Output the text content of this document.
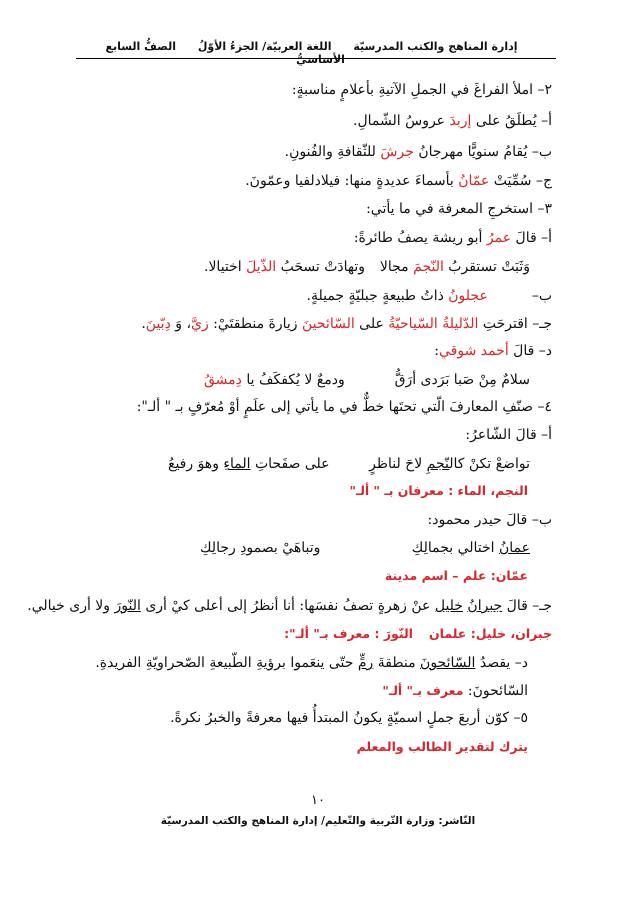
إدارة المناهج والكتب المدرسيّة اللغة العربيّة/ الجزءُ الأوّلُ الصفُّ السابع الأساسيُّ
٢– املأ الفراغَ في الجملِ الآتيةِ بأعلامٍ مناسبةٍ:
أ– يُطلَقُ على إربدَ عروسُ الشّمالِ.
ب– يُقامُ سنويًّا مهرجانُ جرشَ للثّقافةِ والفُنونِ.
ج– سُمِّيَتْ عمّانُ بأسماءَ عديدةٍ منها: فيلادلفيا وعمّونَ.
٣– استخرجِ المعرفة في ما يأتي:
أ– قالَ عمرُ أبو ريشة يصفُ طائرةً:
وَثَبَتْ تستقربُ النّجمَ مجالا
وتهادَتْ تسحَبُ الذّيلَ اختيالا.
ب–عجلونُ ذاتُ طبيعةٍ جبليّةٍ جميلةٍ.
جـ– اقترحَتِ الدّليلةُ السّياحيّةُ على السّائحينَ زيارةَ منطقتَيْ: زيَّ، وَ دِبّينَ.
د– قالَ أحمد شوقي:
سلامٌ مِنْ صَبا بَرَدى أرَقُّ
ودمعٌ لا يُكفكَفُ يا دِمشقُ
٤– صنّفِ المعارفَ الّتي تحتَها خطٌّ في ما يأتي إلى علَمٍ أوْ مُعرّفٍ بـ " ألـ":
أ– قالَ الشّاعرُ:
تواضعْ تكنْ كالنّجمِ لاحَ لناظرٍ
على صفَحاتِ الماءِ وهوَ رفيعُ
النجم، الماء : معرفان بـ " ألـ"
ب– قالَ حيدر محمود:
عمانُ اختالي بجمالِكِ
وتباهَيْ بصمودِ رجالِكِ
عمّان: علم – اسم مدينة
جـ– قالَ جبرانُ خليل عنْ زهرةٍ تصفُ نفسَها: أنا أنظرُ إلى أعلى كيْ أرى النّورَ ولا أرى خيالي.
جبران، خليل: علمانالنّورَ : معرف بـ" ألـ":
د– يقصدُ السّائحونَ منطقةَ رمٍّ حتّى ينعَموا برؤيةِ الطّبيعةِ الصّحراويّةِ الفريدةِ.
السّائحونَ: معرف بـ" ألـ"
٥– كوّن أربعَ جملٍ اسميّةٍ يكونُ المبتدأُ فيها معرفةً والخبرُ نكرةً.
يترك لتقدير الطالب والمعلم
١٠
النّاشر: وزارة التّربية والتّعليم/ إدارة المناهج والكتب المدرسيّة
